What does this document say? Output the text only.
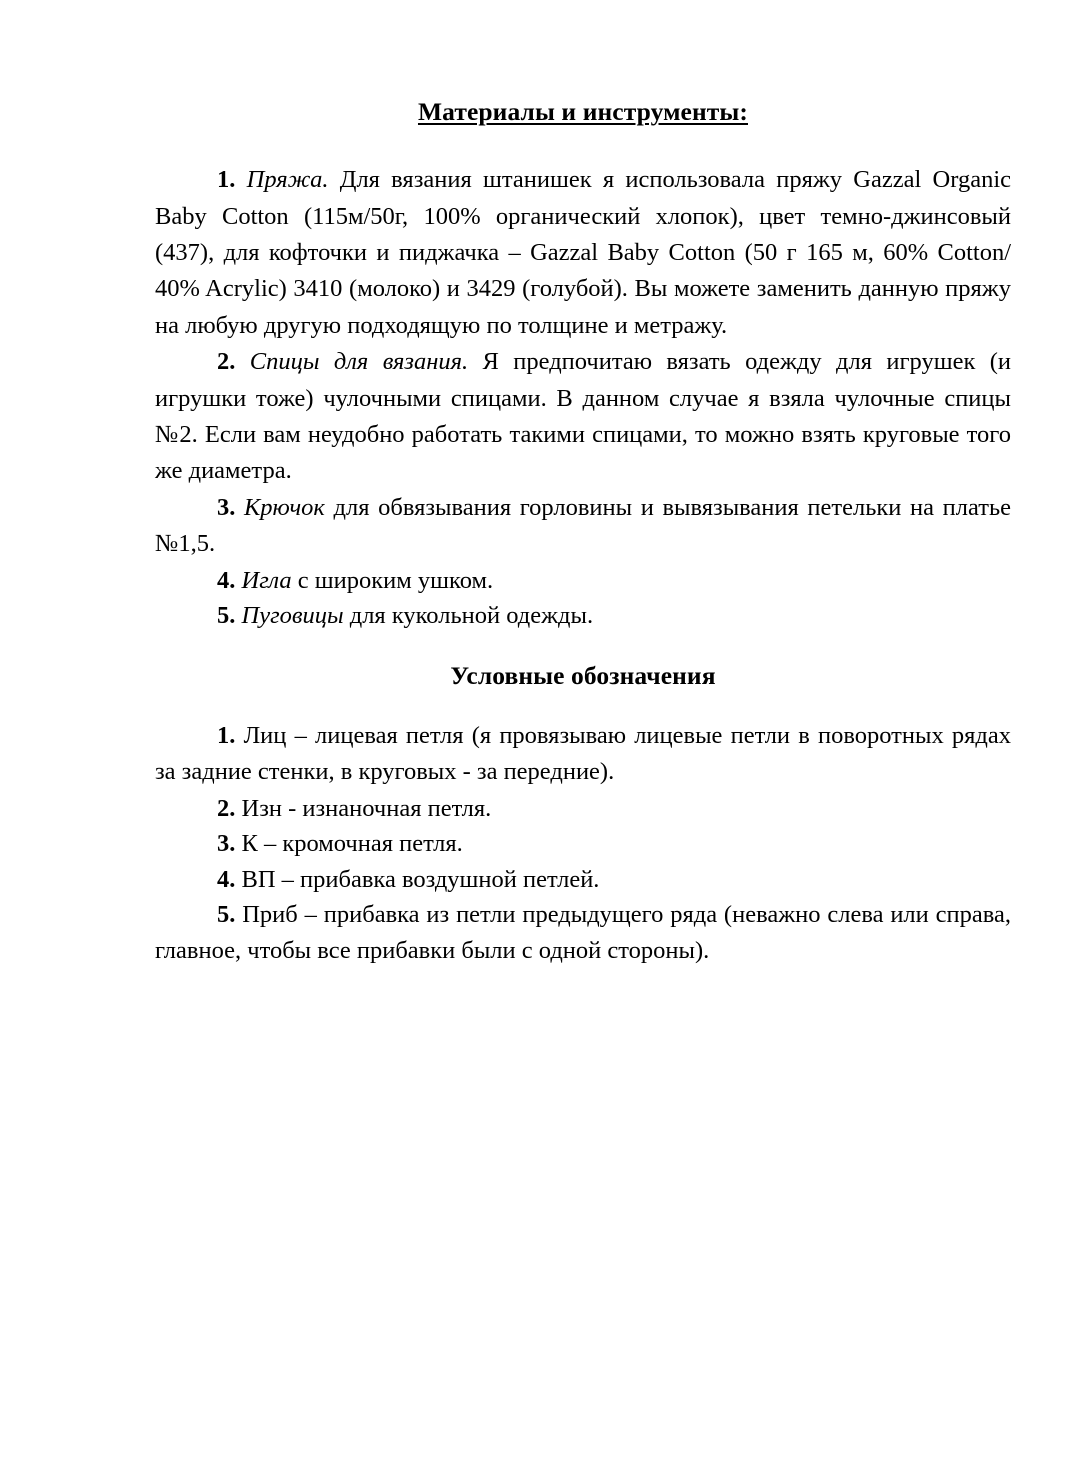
Материалы и инструменты:

1. Пряжа. Для вязания штанишек я использовала пряжу Gazzal Organic Baby Cotton (115м/50г, 100% органический хлопок), цвет темно-джинсовый (437), для кофточки и пиджачка – Gazzal Baby Cotton (50 г 165 м, 60% Cotton/ 40% Acrylic) 3410 (молоко) и 3429 (голубой). Вы можете заменить данную пряжу на любую другую подходящую по толщине и метражу.

2. Спицы для вязания. Я предпочитаю вязать одежду для игрушек (и игрушки тоже) чулочными спицами. В данном случае я взяла чулочные спицы №2. Если вам неудобно работать такими спицами, то можно взять круговые того же диаметра.

3. Крючок для обвязывания горловины и вывязывания петельки на платье №1,5.

4. Игла с широким ушком.

5. Пуговицы для кукольной одежды.

Условные обозначения

1. Лиц – лицевая петля (я провязываю лицевые петли в поворотных рядах за задние стенки, в круговых - за передние).

2. Изн - изнаночная петля.

3. К – кромочная петля.

4. ВП – прибавка воздушной петлей.

5. Приб – прибавка из петли предыдущего ряда (неважно слева или справа, главное, чтобы все прибавки были с одной стороны).
